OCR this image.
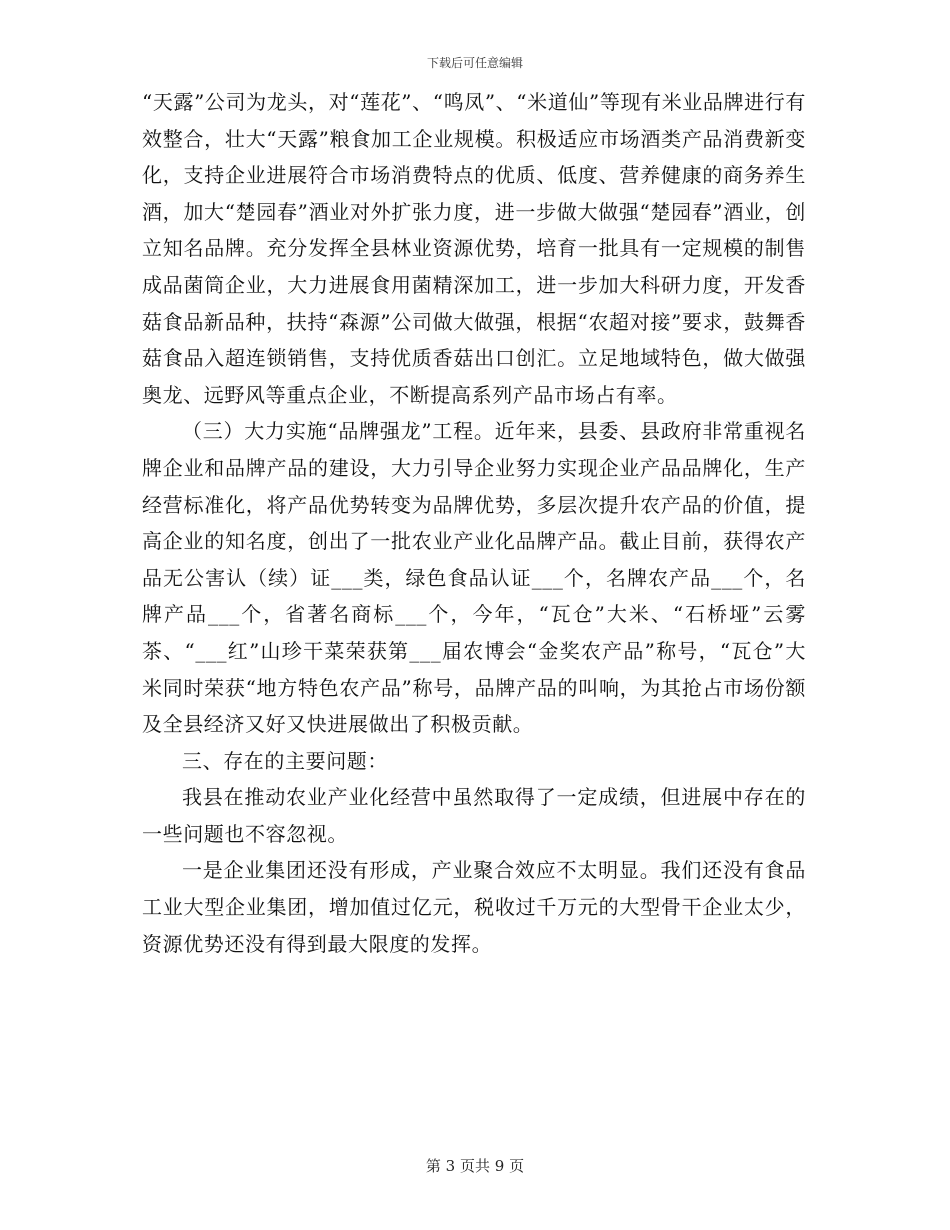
下载后可任意编辑

“天露”公司为龙头，对“莲花”、“鸣凤”、“米道仙”等现有米业品牌进行有效整合，壮大“天露”粮食加工企业规模。积极适应市场酒类产品消费新变化，支持企业进展符合市场消费特点的优质、低度、营养健康的商务养生酒，加大“楚园春”酒业对外扩张力度，进一步做大做强“楚园春”酒业，创立知名品牌。充分发挥全县林业资源优势，培育一批具有一定规模的制售成品菌筒企业，大力进展食用菌精深加工，进一步加大科研力度，开发香菇食品新品种，扶持“森源”公司做大做强，根据“农超对接”要求，鼓舞香菇食品入超连锁销售，支持优质香菇出口创汇。立足地域特色，做大做强奥龙、远野风等重点企业，不断提高系列产品市场占有率。

（三）大力实施“品牌强龙”工程。近年来，县委、县政府非常重视名牌企业和品牌产品的建设，大力引导企业努力实现企业产品品牌化，生产经营标准化，将产品优势转变为品牌优势，多层次提升农产品的价值，提高企业的知名度，创出了一批农业产业化品牌产品。截止目前，获得农产品无公害认（续）证___类，绿色食品认证___个，名牌农产品___个，名牌产品___个，省著名商标___个，今年，“瓦仓”大米、“石桥垭”云雾茶、“___红”山珍干菜荣获第___届农博会“金奖农产品”称号，“瓦仓”大米同时荣获“地方特色农产品”称号，品牌产品的叫响，为其抢占市场份额及全县经济又好又快进展做出了积极贡献。

三、存在的主要问题：

我县在推动农业产业化经营中虽然取得了一定成绩，但进展中存在的一些问题也不容忽视。

一是企业集团还没有形成，产业聚合效应不太明显。我们还没有食品工业大型企业集团，增加值过亿元，税收过千万元的大型骨干企业太少，资源优势还没有得到最大限度的发挥。

第 3 页共 9 页
